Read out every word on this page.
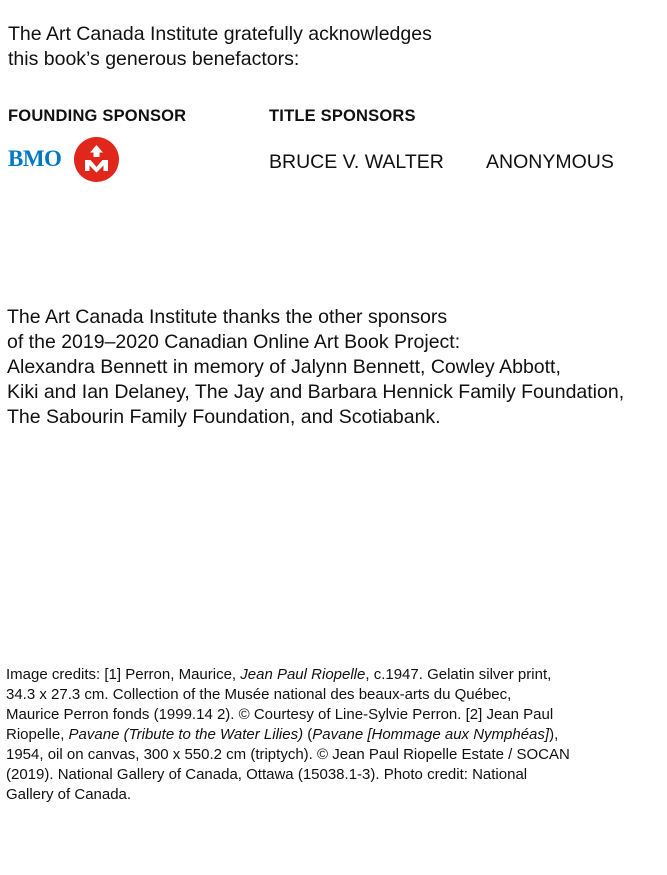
The Art Canada Institute gratefully acknowledges
this book’s generous benefactors:
FOUNDING SPONSOR	TITLE SPONSORS
BMO	BRUCE V. WALTER ANONYMOUS
The Art Canada Institute thanks the other sponsors
of the 2019–2020 Canadian Online Art Book Project:
Alexandra Bennett in memory of Jalynn Bennett, Cowley Abbott,
Kiki and Ian Delaney, The Jay and Barbara Hennick Family Foundation,
The Sabourin Family Foundation, and Scotiabank.
Image credits: [1] Perron, Maurice, Jean Paul Riopelle, c.1947. Gelatin silver print,
34.3 x 27.3 cm. Collection of the Musée national des beaux-arts du Québec,
Maurice Perron fonds (1999.14 2). © Courtesy of Line-Sylvie Perron. [2] Jean Paul
Riopelle, Pavane (Tribute to the Water Lilies) (Pavane [Hommage aux Nymphéas]),
1954, oil on canvas, 300 x 550.2 cm (triptych). © Jean Paul Riopelle Estate / SOCAN
(2019). National Gallery of Canada, Ottawa (15038.1-3). Photo credit: National
Gallery of Canada.
